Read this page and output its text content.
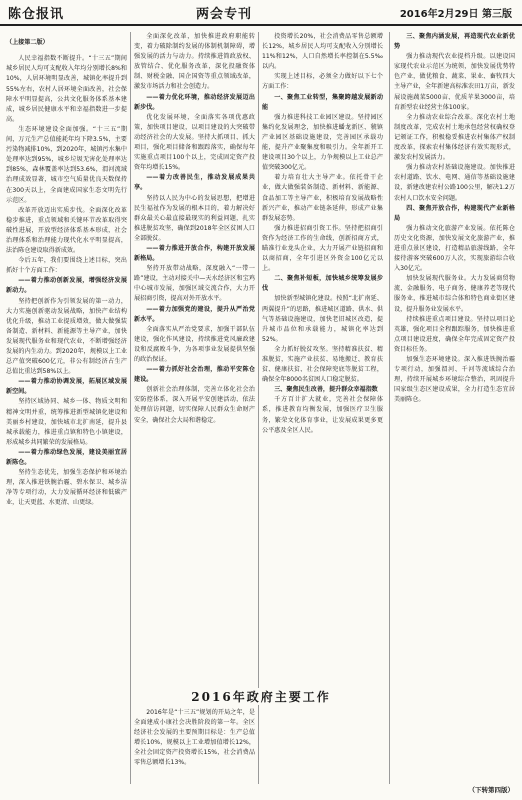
陈仓报讯	两会专刊	2016年2月29日 第三版

（上接第二版）

人民幸福指数不断提升。“十三五”期间城乡居民人均可支配收入年均分别增长8%和10%，人居环境明显改善，城镇化率提升到55%左右，农村人居环境全面改善，社会保障水平明显提高，公共文化服务体系基本建成，城乡居民健康水平和幸福指数进一步提高。

生态环境建设全面加强。“十三五”期间，万元生产总值能耗年均下降3.5%，主要污染物减排10%，到2020年，城镇污水集中处理率达到95%，城乡垃圾无害化处理率达到85%，森林覆盖率达到53.6%，渭河流域治理成效显著，城市空气质量优良天数保持在300天以上，全面建成国家生态文明先行示范区。

改革开放迈出实质步伐。全面深化改革稳步推进，重点领域和关键环节改革取得突破性进展，开放型经济体系基本形成，社会治理体系和治理能力现代化水平明显提高，法治陈仓建设取得新成效。

今后五年，我们要围绕上述目标，突出抓好十个方面工作：

——着力推动创新发展，增强经济发展新动力。

坚持把创新作为引领发展的第一动力，大力实施创新驱动发展战略，加快产业结构优化升级，推动工业提质增效，做大做强装备制造、新材料、新能源等主导产业，加快发展现代服务业和现代农业，不断增强经济发展的内生动力。到2020年，规模以上工业总产值突破600亿元，非公有制经济占生产总值比重达到58%以上。

——着力推动协调发展，拓展区域发展新空间。

坚持区域协同、城乡一体、物质文明和精神文明并重，统筹推进新型城镇化建设和美丽乡村建设，加快城市北扩南延，提升县城承载能力，推进重点镇和特色小镇建设，形成城乡共同繁荣的发展格局。

——着力推动绿色发展，建设美丽宜居新陈仓。

坚持生态优先，加强生态保护和环境治理，深入推进铁腕治霾、碧水保卫、城乡洁净等专项行动，大力发展循环经济和低碳产业，让天更蓝、水更清、山更绿。

全面深化改革，加快推进政府职能转变，着力破除制约发展的体制机制障碍，增强发展的活力与动力。持续推进简政放权、放管结合、优化服务改革，深化投融资体制、财税金融、国企国资等重点领域改革，激发市场活力和社会创造力。

——着力优化环境，推动经济发展迈出新步伐。

优化发展环境，全面落实各项优惠政策，加快项目建设，以项目建设的大突破带动经济社会的大发展。坚持大抓项目、抓大项目，强化项目储备和跟踪落实，确保每年实施重点项目100个以上，完成固定资产投资年均增长15%。

——着力改善民生，推动发展成果共享。

坚持以人民为中心的发展思想，把增进民生福祉作为发展的根本目的，着力解决好群众最关心最直接最现实的利益问题，扎实推进脱贫攻坚，确保到2018年全区贫困人口全部脱贫。

——着力推进开放合作，构建开放发展新格局。

坚持开放带动战略，深度融入“一带一路”建设，主动对接关中—天水经济区和宝鸡中心城市发展，加强区域交流合作，大力开展招商引资，提高对外开放水平。

——着力加强党的建设，提升从严治党新水平。

全面落实从严治党要求，加强干部队伍建设，强化作风建设，持续推进党风廉政建设和反腐败斗争，为各项事业发展提供坚强的政治保证。

——着力抓好社会治理，推动平安陈仓建设。

创新社会治理体制，完善立体化社会治安防控体系，深入开展平安创建活动，依法处理信访问题，切实保障人民群众生命财产安全，确保社会大局和谐稳定。

2016年政府主要工作

2016年是“十三五”规划的开局之年，是全面建成小康社会决胜阶段的第一年。全区经济社会发展的主要预期目标是：生产总值增长10%，规模以上工业增加值增长12%，全社会固定资产投资增长15%，社会消费品零售总额增长13%。

投资增长20%，社会消费品零售总额增长12%，城乡居民人均可支配收入分别增长11%和12%，人口自然增长率控制在5.5‰以内。

实现上述目标，必须全力做好以下七个方面工作：

一、聚焦工业转型，集聚跨越发展新动能

强力推进科技工业园区建设。坚持园区集约化发展理念，加快推进蟠龙新区、虢镇产业园区基础设施建设，完善园区承载功能，提升产业聚集度和吸引力。全年新开工建设项目30个以上，力争规模以上工业总产值突破300亿元。

着力培育壮大主导产业。依托骨干企业，做大做强装备制造、新材料、新能源、食品加工等主导产业，积极培育发展战略性新兴产业，推动产业链条延伸，形成产业集群发展态势。

强力推进招商引资工作。坚持把招商引资作为经济工作的生命线，创新招商方式，瞄准行业龙头企业，大力开展产业链招商和以商招商，全年引进区外资金100亿元以上。

二、聚焦补短板，加快城乡统筹发展步伐

加快新型城镇化建设。按照“北扩南延、两翼提升”的思路，推进城区道路、供水、供气等基础设施建设，加快老旧城区改造，提升城市品位和承载能力，城镇化率达到52%。

全力抓好脱贫攻坚。坚持精准扶贫、精准脱贫，实施产业扶贫、易地搬迁、教育扶贫、健康扶贫、社会保障兜底等脱贫工程，确保全年8000名贫困人口稳定脱贫。

三、聚焦民生改善，提升群众幸福指数

千方百计扩大就业，完善社会保障体系，推进教育均衡发展，加强医疗卫生服务，繁荣文化体育事业，让发展成果更多更公平惠及全区人民。

三、聚焦内涵发展，再造现代农业新优势

强力推动现代农业提档升级。以建设国家现代农业示范区为统领，加快发展优势特色产业，做优粮食、蔬菜、果业、畜牧四大主导产业，全年新建高标准农田1万亩，新发展设施蔬菜5000亩、优质苹果3000亩，培育新型农业经营主体100家。

全力推动农业综合改革。深化农村土地制度改革，完成农村土地承包经营权确权登记颁证工作，积极稳妥推进农村集体产权制度改革，探索农村集体经济有效实现形式，激发农村发展活力。

强力推动农村基础设施建设。加快推进农村道路、饮水、电网、通信等基础设施建设，新建改建农村公路100公里，解决1.2万农村人口饮水安全问题。

四、聚焦开放合作，构建现代产业新格局

强力推动文化旅游产业发展。依托陈仓历史文化资源，加快发展文化旅游产业，推进重点景区建设，打造精品旅游线路，全年接待游客突破600万人次，实现旅游综合收入30亿元。

加快发展现代服务业。大力发展商贸物流、金融服务、电子商务、健康养老等现代服务业，推进城市综合体和特色商业街区建设，提升服务业发展水平。

持续推进重点项目建设。坚持以项目论英雄，强化项目全程跟踪服务，加快推进重点项目建设进度，确保全年完成固定资产投资目标任务。

加强生态环境建设。深入推进铁腕治霾专项行动，加强渭河、千河等流域综合治理，持续开展城乡环境综合整治，巩固提升国家级生态区建设成果，全力打造生态宜居美丽陈仓。

（下转第四版）
